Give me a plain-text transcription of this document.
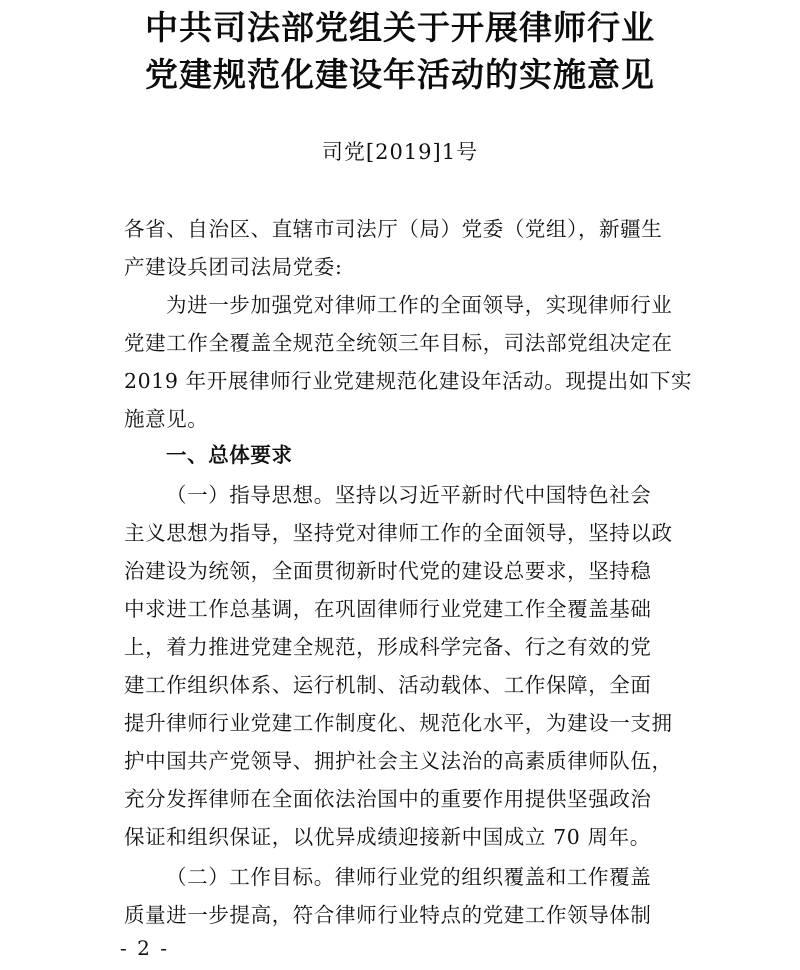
中共司法部党组关于开展律师行业
党建规范化建设年活动的实施意见
司党[2019]1号
各省、自治区、直辖市司法厅（局）党委（党组），新疆生
产建设兵团司法局党委:
为进一步加强党对律师工作的全面领导，实现律师行业
党建工作全覆盖全规范全统领三年目标，司法部党组决定在
2019 年开展律师行业党建规范化建设年活动。现提出如下实
施意见。
一、总体要求
（一）指导思想。坚持以习近平新时代中国特色社会
主义思想为指导，坚持党对律师工作的全面领导，坚持以政
治建设为统领，全面贯彻新时代党的建设总要求，坚持稳
中求进工作总基调，在巩固律师行业党建工作全覆盖基础
上，着力推进党建全规范，形成科学完备、行之有效的党
建工作组织体系、运行机制、活动载体、工作保障，全面
提升律师行业党建工作制度化、规范化水平，为建设一支拥
护中国共产党领导、拥护社会主义法治的高素质律师队伍，
充分发挥律师在全面依法治国中的重要作用提供坚强政治
保证和组织保证，以优异成绩迎接新中国成立 70 周年。
（二）工作目标。律师行业党的组织覆盖和工作覆盖
质量进一步提高，符合律师行业特点的党建工作领导体制
- 2 -
